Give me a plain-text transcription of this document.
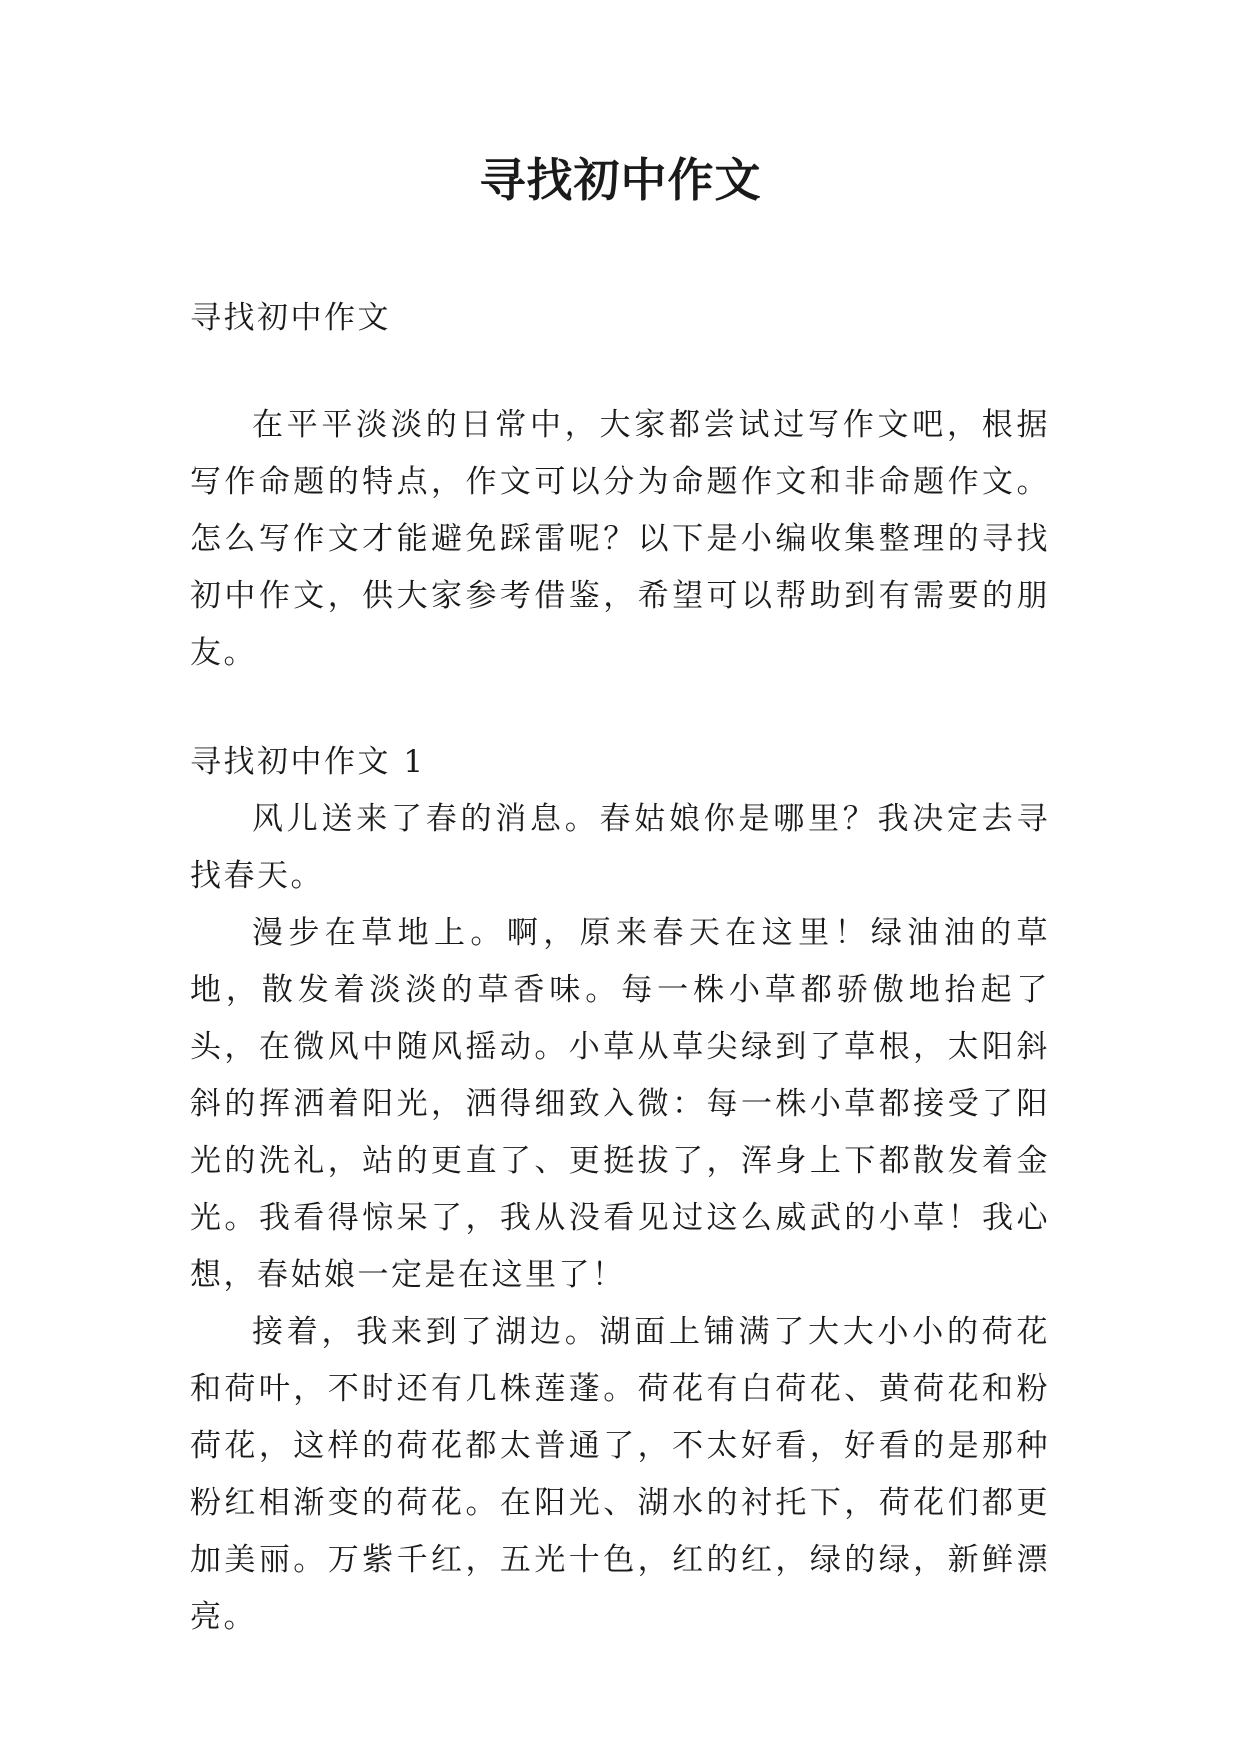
寻找初中作文

寻找初中作文

在平平淡淡的日常中，大家都尝试过写作文吧，根据写作命题的特点，作文可以分为命题作文和非命题作文。怎么写作文才能避免踩雷呢？以下是小编收集整理的寻找初中作文，供大家参考借鉴，希望可以帮助到有需要的朋友。

寻找初中作文 1

风儿送来了春的消息。春姑娘你是哪里？我决定去寻找春天。

漫步在草地上。啊，原来春天在这里！绿油油的草地，散发着淡淡的草香味。每一株小草都骄傲地抬起了头，在微风中随风摇动。小草从草尖绿到了草根，太阳斜斜的挥洒着阳光，洒得细致入微：每一株小草都接受了阳光的洗礼，站的更直了、更挺拔了，浑身上下都散发着金光。我看得惊呆了，我从没看见过这么威武的小草！我心想，春姑娘一定是在这里了！

接着，我来到了湖边。湖面上铺满了大大小小的荷花和荷叶，不时还有几株莲蓬。荷花有白荷花、黄荷花和粉荷花，这样的荷花都太普通了，不太好看，好看的是那种粉红相渐变的荷花。在阳光、湖水的衬托下，荷花们都更加美丽。万紫千红，五光十色，红的红，绿的绿，新鲜漂亮。
